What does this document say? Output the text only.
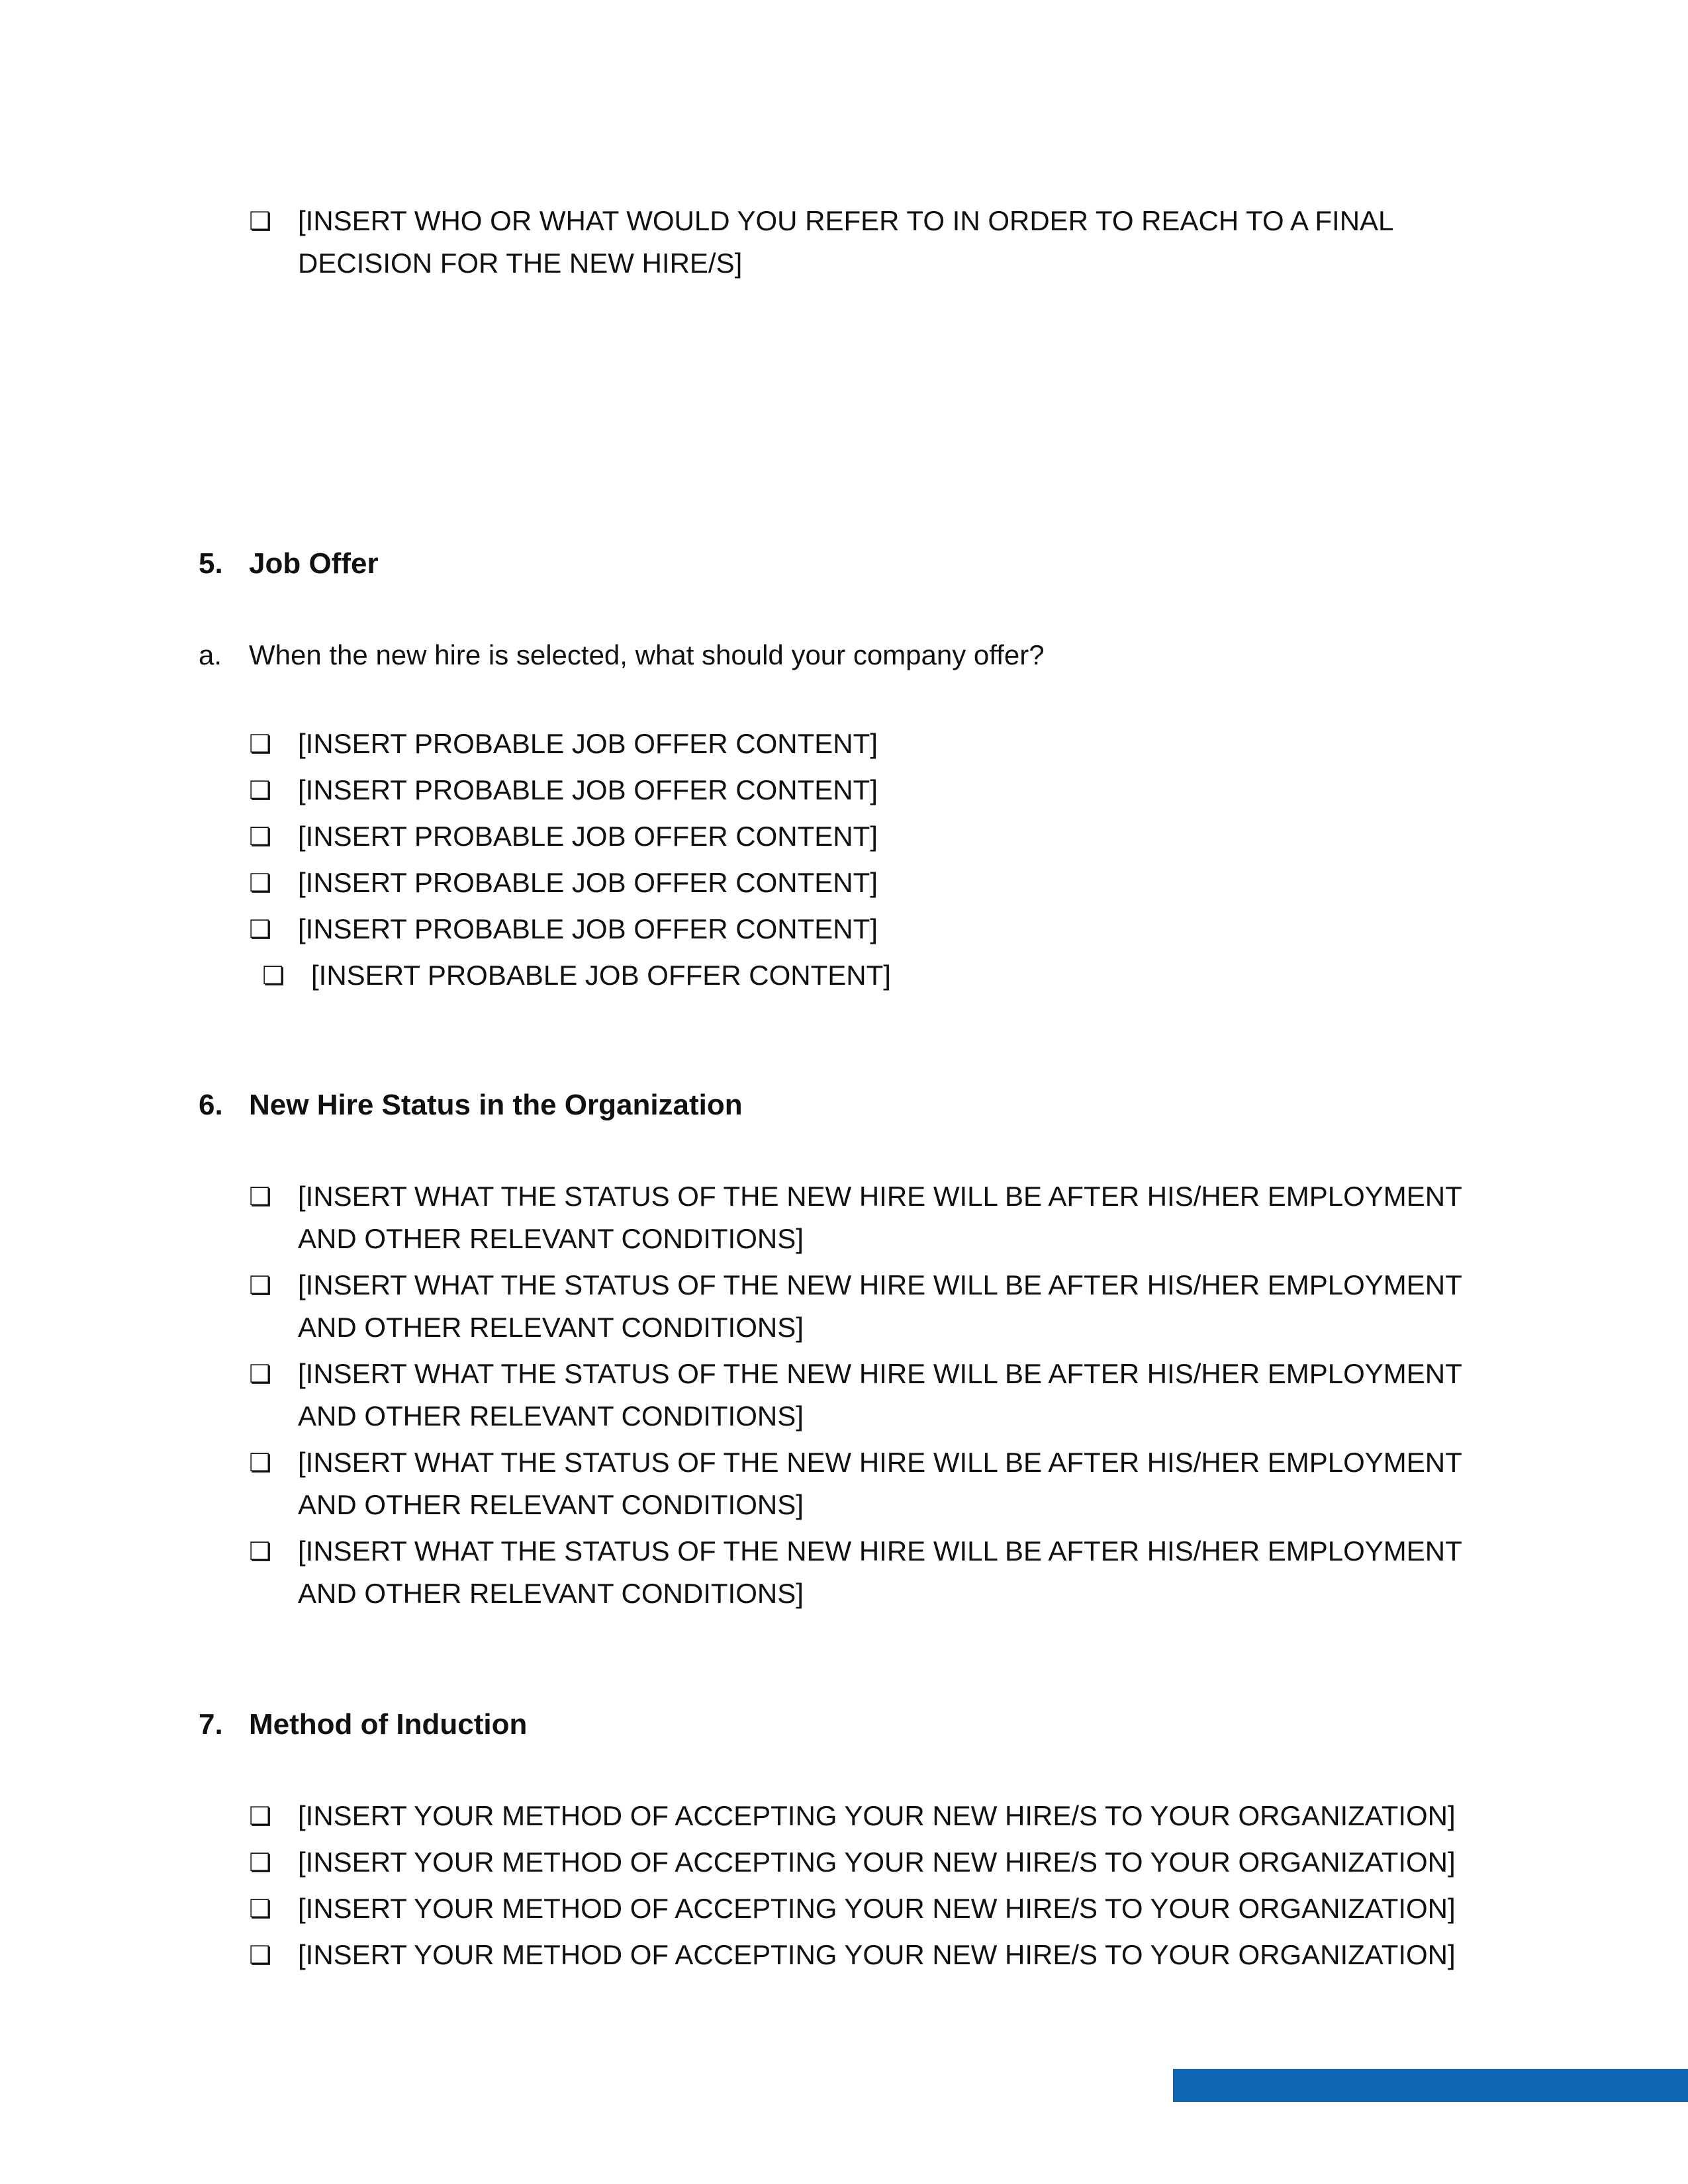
❏ [INSERT WHO OR WHAT WOULD YOU REFER TO IN ORDER TO REACH TO A FINAL DECISION FOR THE NEW HIRE/S]
5. Job Offer
a. When the new hire is selected, what should your company offer?
❏ [INSERT PROBABLE JOB OFFER CONTENT]
❏ [INSERT PROBABLE JOB OFFER CONTENT]
❏ [INSERT PROBABLE JOB OFFER CONTENT]
❏ [INSERT PROBABLE JOB OFFER CONTENT]
❏ [INSERT PROBABLE JOB OFFER CONTENT]
❏ [INSERT PROBABLE JOB OFFER CONTENT]
6. New Hire Status in the Organization
❏ [INSERT WHAT THE STATUS OF THE NEW HIRE WILL BE AFTER HIS/HER EMPLOYMENT AND OTHER RELEVANT CONDITIONS]
❏ [INSERT WHAT THE STATUS OF THE NEW HIRE WILL BE AFTER HIS/HER EMPLOYMENT AND OTHER RELEVANT CONDITIONS]
❏ [INSERT WHAT THE STATUS OF THE NEW HIRE WILL BE AFTER HIS/HER EMPLOYMENT AND OTHER RELEVANT CONDITIONS]
❏ [INSERT WHAT THE STATUS OF THE NEW HIRE WILL BE AFTER HIS/HER EMPLOYMENT AND OTHER RELEVANT CONDITIONS]
❏ [INSERT WHAT THE STATUS OF THE NEW HIRE WILL BE AFTER HIS/HER EMPLOYMENT AND OTHER RELEVANT CONDITIONS]
7. Method of Induction
❏ [INSERT YOUR METHOD OF ACCEPTING YOUR NEW HIRE/S TO YOUR ORGANIZATION]
❏ [INSERT YOUR METHOD OF ACCEPTING YOUR NEW HIRE/S TO YOUR ORGANIZATION]
❏ [INSERT YOUR METHOD OF ACCEPTING YOUR NEW HIRE/S TO YOUR ORGANIZATION]
❏ [INSERT YOUR METHOD OF ACCEPTING YOUR NEW HIRE/S TO YOUR ORGANIZATION]
